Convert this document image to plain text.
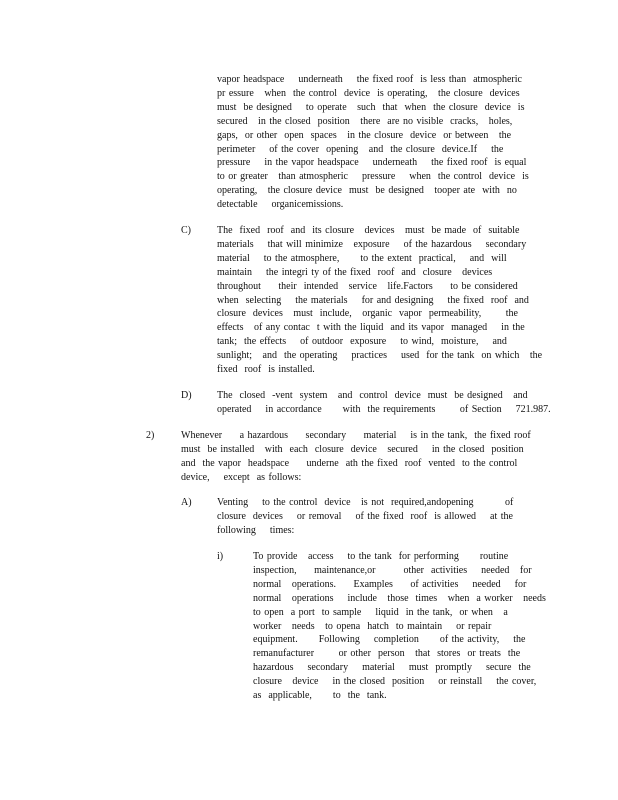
vapor headspace    underneath    the fixed roof  is less than  atmospheric
pr essure   when  the control  device  is operating,   the closure  devices
must  be designed    to operate   such  that  when  the closure  device  is
secured   in the closed  position   there  are no visible  cracks,   holes,
gaps,  or other  open  spaces   in the closure  device  or between   the
perimeter    of the cover  opening   and  the closure  device.If    the
pressure    in the vapor headspace    underneath    the fixed roof  is equal
to or greater   than atmospheric    pressure    when  the control  device  is
operating,   the closure device  must  be designed   tooper ate  with  no
detectable    organicemissions.
C)	The  fixed  roof  and  its closure   devices   must  be made  of  suitable
materials    that will minimize   exposure    of the hazardous    secondary
material    to the atmosphere,      to the extent  practical,    and  will
maintain    the integri ty of the fixed  roof  and  closure   devices
throughout     their  intended   service   life.Factors     to be considered
when  selecting    the materials    for and designing    the fixed  roof  and
closure  devices   must  include,   organic  vapor  permeability,       the
effects   of any contac  t with the liquid  and its vapor  managed    in the
tank;  the effects    of outdoor  exposure    to wind,  moisture,    and
sunlight;   and  the operating    practices    used  for the tank  on which   the
fixed  roof  is installed.
D)	The  closed  -vent  system   and  control  device  must  be designed   and
operated    in accordance      with  the requirements       of Section    721.987.
2)	Whenever     a hazardous     secondary     material    is in the tank,  the fixed roof
must  be installed   with  each  closure  device   secured    in the closed  position
and  the vapor  headspace     underne  ath the fixed  roof  vented  to the control
device,    except  as follows:
A)	Venting    to the control  device   is not  required,andopening         of
closure  devices    or removal    of the fixed  roof  is allowed    at the
following    times:
i)	To provide   access    to the tank  for performing      routine
inspection,     maintenance,or        other  activities    needed   for
normal   operations.     Examples     of activities    needed    for
normal   operations    include   those  times   when  a worker   needs
to open  a port  to sample    liquid  in the tank,  or when   a
worker   needs   to opena  hatch  to maintain    or repair
equipment.      Following    completion      of the activity,    the
remanufacturer       or other  person   that  stores  or treats  the
hazardous    secondary    material    must  promptly    secure  the
closure   device    in the closed  position    or reinstall    the cover,
as  applicable,      to  the  tank.
